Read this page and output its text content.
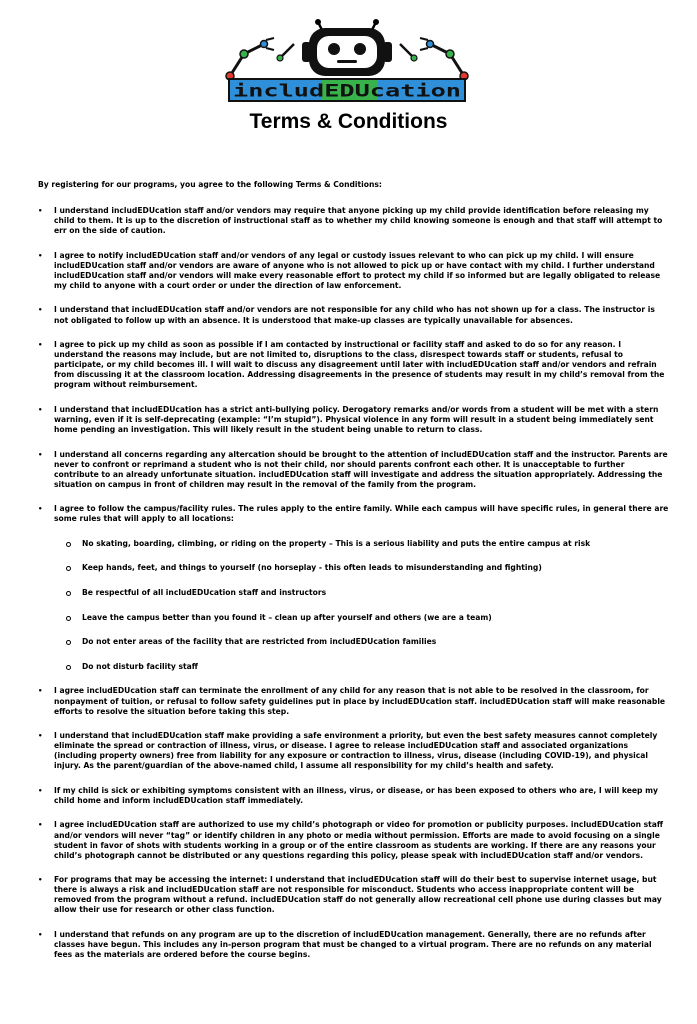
includEDUcation
Terms & Conditions

By registering for our programs, you agree to the following Terms & Conditions:

• I understand includEDUcation staff and/or vendors may require that anyone picking up my child provide identification before releasing my child to them. It is up to the discretion of instructional staff as to whether my child knowing someone is enough and that staff will attempt to err on the side of caution.
• I agree to notify includEDUcation staff and/or vendors of any legal or custody issues relevant to who can pick up my child. I will ensure includEDUcation staff and/or vendors are aware of anyone who is not allowed to pick up or have contact with my child. I further understand includEDUcation staff and/or vendors will make every reasonable effort to protect my child if so informed but are legally obligated to release my child to anyone with a court order or under the direction of law enforcement.
• I understand that includEDUcation staff and/or vendors are not responsible for any child who has not shown up for a class. The instructor is not obligated to follow up with an absence. It is understood that make-up classes are typically unavailable for absences.
• I agree to pick up my child as soon as possible if I am contacted by instructional or facility staff and asked to do so for any reason. I understand the reasons may include, but are not limited to, disruptions to the class, disrespect towards staff or students, refusal to participate, or my child becomes ill. I will wait to discuss any disagreement until later with includEDUcation staff and/or vendors and refrain from discussing it at the classroom location. Addressing disagreements in the presence of students may result in my child’s removal from the program without reimbursement.
• I understand that includEDUcation has a strict anti-bullying policy. Derogatory remarks and/or words from a student will be met with a stern warning, even if it is self-deprecating (example: “I’m stupid”). Physical violence in any form will result in a student being immediately sent home pending an investigation. This will likely result in the student being unable to return to class.
• I understand all concerns regarding any altercation should be brought to the attention of includEDUcation staff and the instructor. Parents are never to confront or reprimand a student who is not their child, nor should parents confront each other. It is unacceptable to further contribute to an already unfortunate situation. includEDUcation staff will investigate and address the situation appropriately. Addressing the situation on campus in front of children may result in the removal of the family from the program.
• I agree to follow the campus/facility rules. The rules apply to the entire family. While each campus will have specific rules, in general there are some rules that will apply to all locations:
No skating, boarding, climbing, or riding on the property – This is a serious liability and puts the entire campus at risk
Keep hands, feet, and things to yourself (no horseplay - this often leads to misunderstanding and fighting)
Be respectful of all includEDUcation staff and instructors
Leave the campus better than you found it – clean up after yourself and others (we are a team)
Do not enter areas of the facility that are restricted from includEDUcation families
Do not disturb facility staff
• I agree includEDUcation staff can terminate the enrollment of any child for any reason that is not able to be resolved in the classroom, for nonpayment of tuition, or refusal to follow safety guidelines put in place by includEDUcation staff. includEDUcation staff will make reasonable efforts to resolve the situation before taking this step.
• I understand that includEDUcation staff make providing a safe environment a priority, but even the best safety measures cannot completely eliminate the spread or contraction of illness, virus, or disease. I agree to release includEDUcation staff and associated organizations (including property owners) free from liability for any exposure or contraction to illness, virus, disease (including COVID-19), and physical injury. As the parent/guardian of the above-named child, I assume all responsibility for my child’s health and safety.
• If my child is sick or exhibiting symptoms consistent with an illness, virus, or disease, or has been exposed to others who are, I will keep my child home and inform includEDUcation staff immediately.
• I agree includEDUcation staff are authorized to use my child’s photograph or video for promotion or publicity purposes. includEDUcation staff and/or vendors will never “tag” or identify children in any photo or media without permission. Efforts are made to avoid focusing on a single student in favor of shots with students working in a group or of the entire classroom as students are working. If there are any reasons your child’s photograph cannot be distributed or any questions regarding this policy, please speak with includEDUcation staff and/or vendors.
• For programs that may be accessing the internet: I understand that includEDUcation staff will do their best to supervise internet usage, but there is always a risk and includEDUcation staff are not responsible for misconduct. Students who access inappropriate content will be removed from the program without a refund. includEDUcation staff do not generally allow recreational cell phone use during classes but may allow their use for research or other class function.
• I understand that refunds on any program are up to the discretion of includEDUcation management. Generally, there are no refunds after classes have begun. This includes any in-person program that must be changed to a virtual program. There are no refunds on any material fees as the materials are ordered before the course begins.
